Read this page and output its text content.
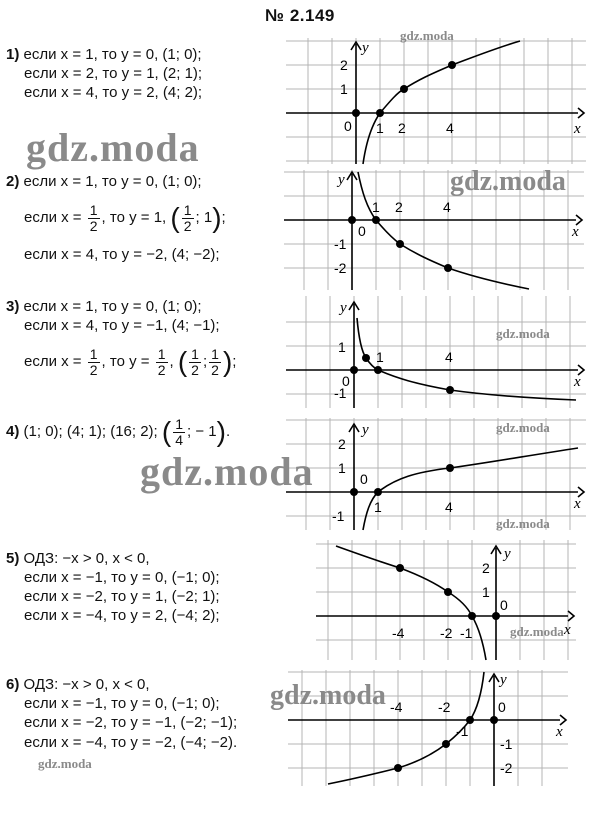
№ 2.149
1) если x = 1, то y = 0, (1; 0);
если x = 2, то y = 1, (2; 1);
если x = 4, то y = 2, (4; 2);
2) если x = 1, то y = 0, (1; 0);
если $x = \frac{1}{2}$ , то y = 1, ( $\frac{1}{2}$ ; 1);
если x = 4, то y = −2, (4; −2);
3) если x = 1, то y = 0, (1; 0);
если x = 4, то y = −1, (4; −1);
если $x = \frac{1}{2}$ , то $y = \frac{1}{2}$ , ( $\frac{1}{2}$ ; $\frac{1}{2}$ );
4) (1; 0); (4; 1); (16; 2); ( $\frac{1}{4}$ ; − 1).
5) ОДЗ: −x > 0, x < 0,
если x = −1, то y = 0, (−1; 0);
если x = −2, то y = 1, (−2; 1);
если x = −4, то y = 2, (−4; 2);
6) ОДЗ: −x > 0, x < 0,
если x = −1, то y = 0, (−1; 0);
если x = −2, то y = −1, (−2; −1);
если x = −4, то y = −2, (−4; −2).
x
y
0 1 2	4
1
2
x
y
0
1 2	4
-1
-2
x
y
0
1	4
1
-1
x
y
0
1	4
1
2
-1
x
y
0
-4	-2 -1
1
2
x
y
0
-4	-2
-1
-1
-2
gdz.moda
gdz.moda
gdz.moda
gdz.moda
gdz.moda
gdz.moda
gdz.moda
gdz.moda
gdz.moda
gdz.moda
